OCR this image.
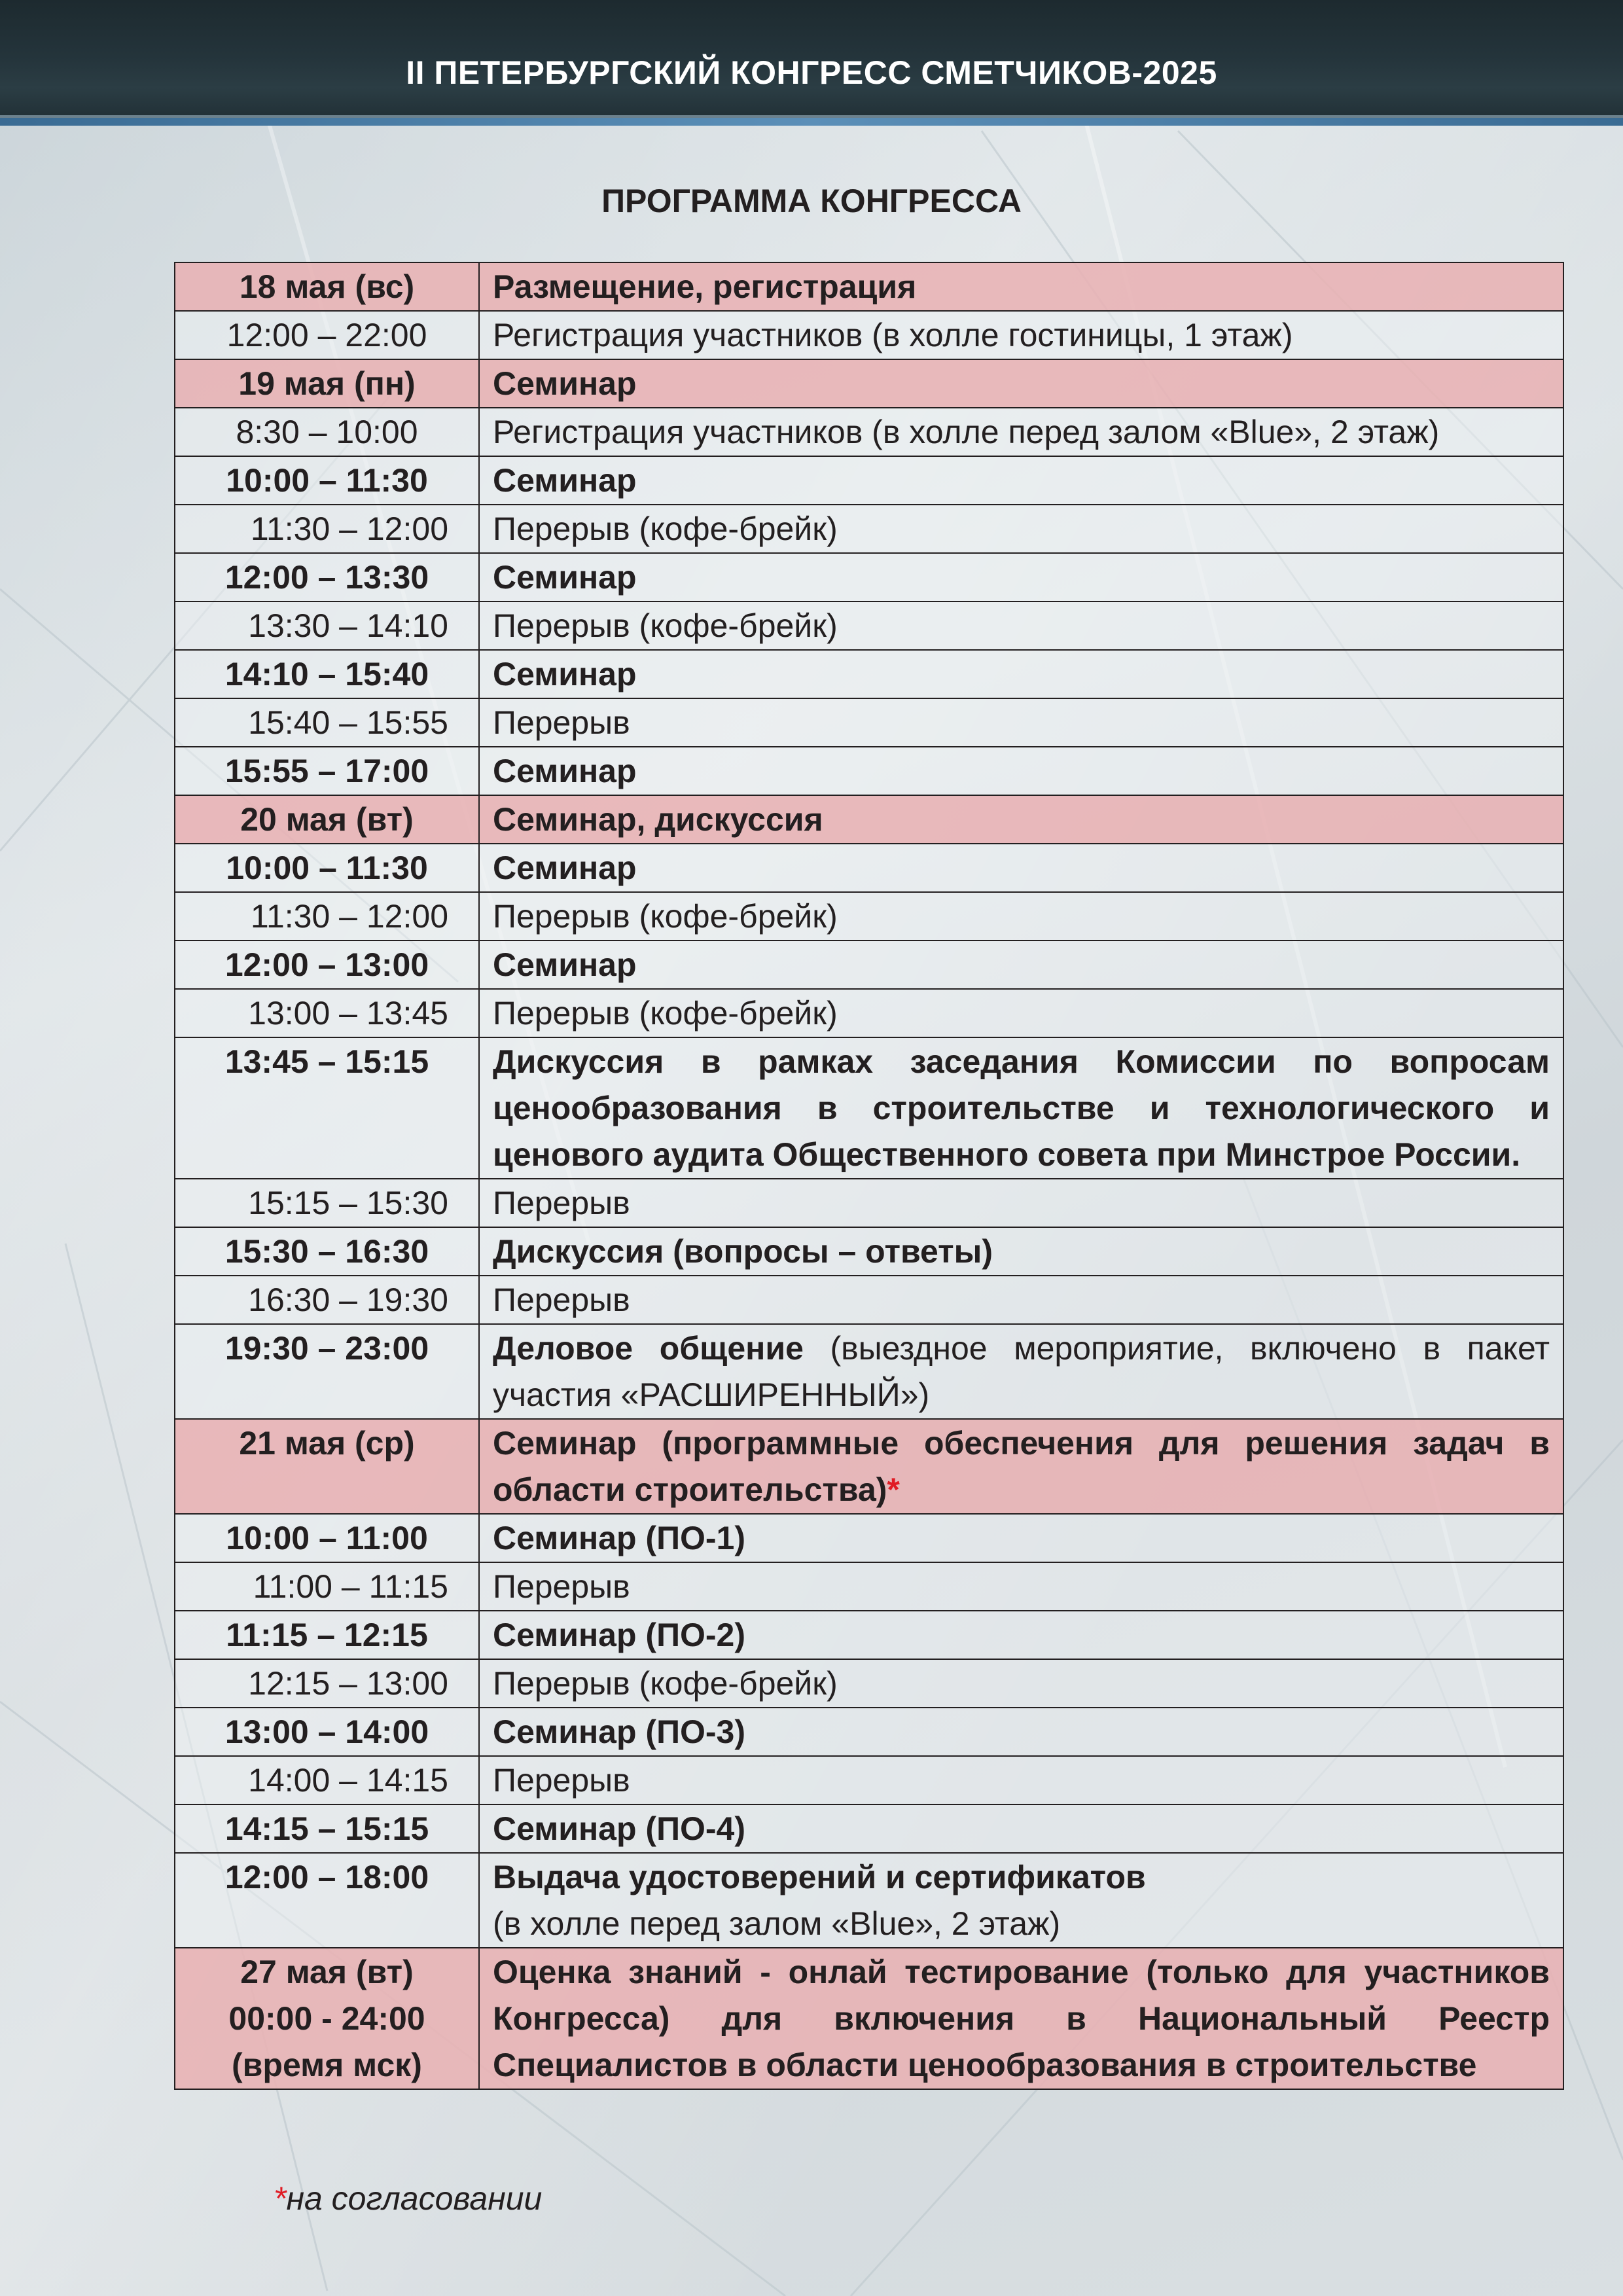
II ПЕТЕРБУРГСКИЙ КОНГРЕСС СМЕТЧИКОВ-2025
ПРОГРАММА КОНГРЕССА
18 мая (вс)	Размещение, регистрация
12:00 – 22:00	Регистрация участников (в холле гостиницы, 1 этаж)
19 мая (пн)	Семинар
8:30 – 10:00	Регистрация участников (в холле перед залом «Blue», 2 этаж)
10:00 – 11:30	Семинар
11:30 – 12:00	Перерыв (кофе-брейк)
12:00 – 13:30	Семинар
13:30 – 14:10	Перерыв (кофе-брейк)
14:10 – 15:40	Семинар
15:40 – 15:55	Перерыв
15:55 – 17:00	Семинар
20 мая (вт)	Семинар, дискуссия
10:00 – 11:30	Семинар
11:30 – 12:00	Перерыв (кофе-брейк)
12:00 – 13:00	Семинар
13:00 – 13:45	Перерыв (кофе-брейк)
13:45 – 15:15	Дискуссия в рамках заседания Комиссии по вопросам ценообразования в строительстве и технологического и ценового аудита Общественного совета при Минстрое России.
15:15 – 15:30	Перерыв
15:30 – 16:30	Дискуссия (вопросы – ответы)
16:30 – 19:30	Перерыв
19:30 – 23:00	Деловое общение (выездное мероприятие, включено в пакет участия «РАСШИРЕННЫЙ»)
21 мая (ср)	Семинар (программные обеспечения для решения задач в области строительства)*
10:00 – 11:00	Семинар (ПО-1)
11:00 – 11:15	Перерыв
11:15 – 12:15	Семинар (ПО-2)
12:15 – 13:00	Перерыв (кофе-брейк)
13:00 – 14:00	Семинар (ПО-3)
14:00 – 14:15	Перерыв
14:15 – 15:15	Семинар (ПО-4)
12:00 – 18:00	Выдача удостоверений и сертификатов
(в холле перед залом «Blue», 2 этаж)

27 мая (вт)
00:00 - 24:00
(время мск)	Оценка знаний - онлай тестирование (только для участников Конгресса) для включения в Национальный Реестр Специалистов в области ценообразования в строительстве
*на согласовании
